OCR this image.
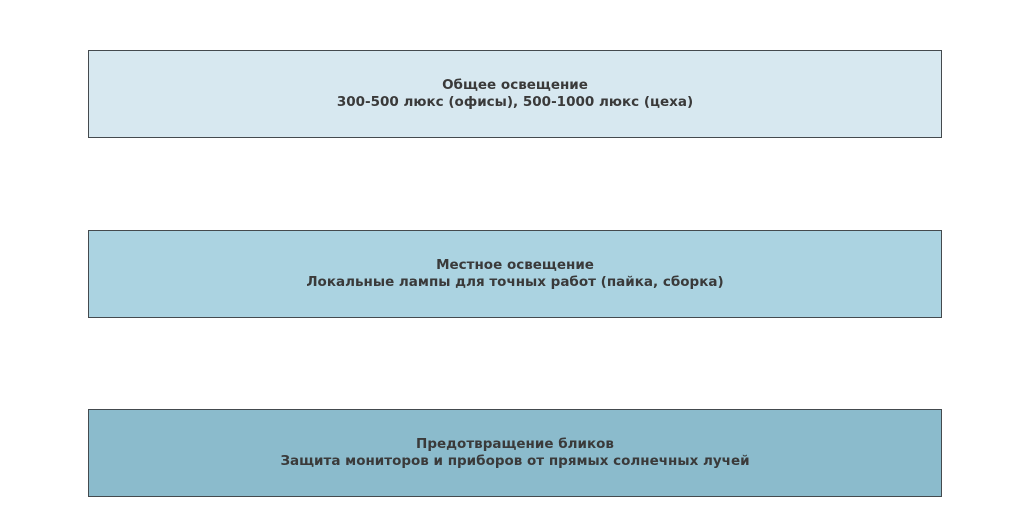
Общее освещение
300-500 люкс (офисы), 500-1000 люкс (цеха)
Местное освещение
Локальные лампы для точных работ (пайка, сборка)
Предотвращение бликов
Защита мониторов и приборов от прямых солнечных лучей
